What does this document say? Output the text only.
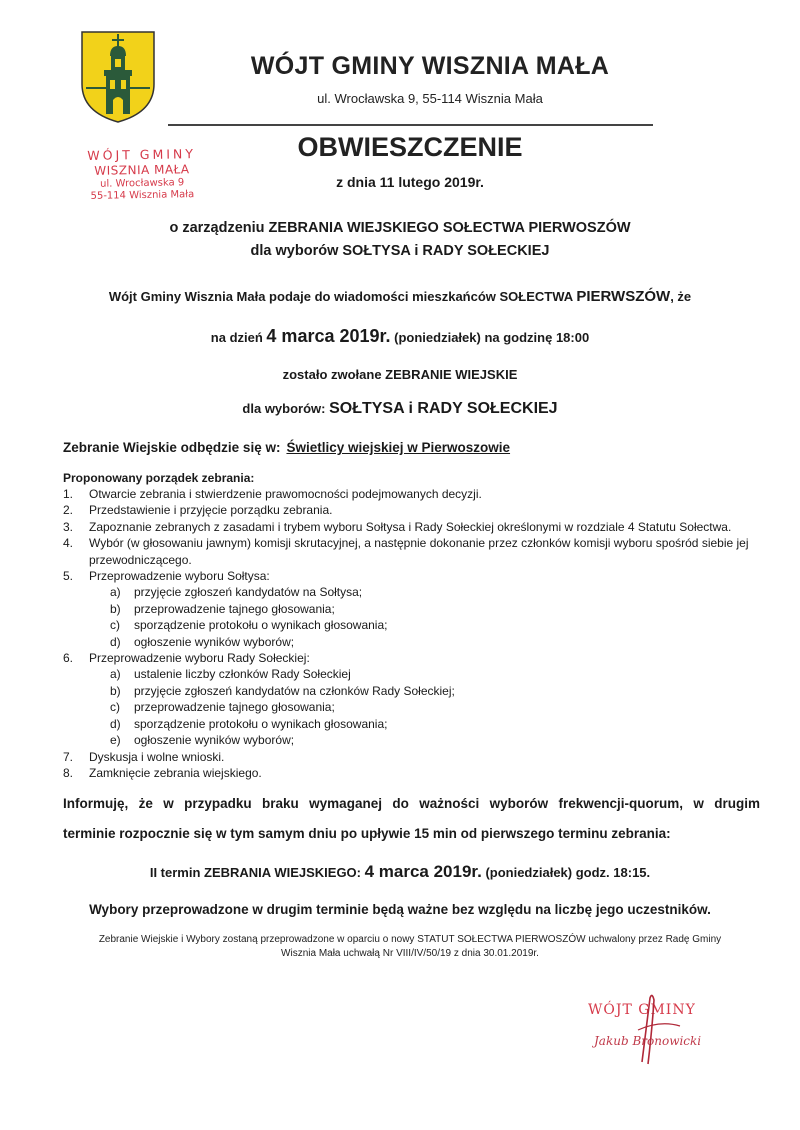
WÓJT GMINY WISZNIA MAŁA
ul. Wrocławska 9, 55-114 Wisznia Mała
WÓJT GMINY
WISZNIA MAŁA
ul. Wrocławska 9
55-114 Wisznia Mała
OBWIESZCZENIE
z dnia 11 lutego 2019r.
o zarządzeniu ZEBRANIA WIEJSKIEGO SOŁECTWA PIERWOSZÓW
dla wyborów SOŁTYSA i RADY SOŁECKIEJ
Wójt Gminy Wisznia Mała podaje do wiadomości mieszkańców SOŁECTWA PIERWSZÓW, że
na dzień 4 marca 2019r. (poniedziałek) na godzinę 18:00
zostało zwołane ZEBRANIE WIEJSKIE
dla wyborów: SOŁTYSA i RADY SOŁECKIEJ
Zebranie Wiejskie odbędzie się w: Świetlicy wiejskiej w Pierwoszowie
Proponowany porządek zebrania:
1. Otwarcie zebrania i stwierdzenie prawomocności podejmowanych decyzji.
2. Przedstawienie i przyjęcie porządku zebrania.
3. Zapoznanie zebranych z zasadami i trybem wyboru Sołtysa i Rady Sołeckiej określonymi w rozdziale 4 Statutu Sołectwa.
4. Wybór (w głosowaniu jawnym) komisji skrutacyjnej, a następnie dokonanie przez członków komisji wyboru spośród siebie jej przewodniczącego.
5. Przeprowadzenie wyboru Sołtysa:
a) przyjęcie zgłoszeń kandydatów na Sołtysa;
b) przeprowadzenie tajnego głosowania;
c) sporządzenie protokołu o wynikach głosowania;
d) ogłoszenie wyników wyborów;
6. Przeprowadzenie wyboru Rady Sołeckiej:
a) ustalenie liczby członków Rady Sołeckiej
b) przyjęcie zgłoszeń kandydatów na członków Rady Sołeckiej;
c) przeprowadzenie tajnego głosowania;
d) sporządzenie protokołu o wynikach głosowania;
e) ogłoszenie wyników wyborów;
7. Dyskusja i wolne wnioski.
8. Zamknięcie zebrania wiejskiego.
Informuję, że w przypadku braku wymaganej do ważności wyborów frekwencji-quorum, w drugim
terminie rozpocznie się w tym samym dniu po upływie 15 min od pierwszego terminu zebrania:
II termin ZEBRANIA WIEJSKIEGO: 4 marca 2019r. (poniedziałek) godz. 18:15.
Wybory przeprowadzone w drugim terminie będą ważne bez względu na liczbę jego uczestników.
Zebranie Wiejskie i Wybory zostaną przeprowadzone w oparciu o nowy STATUT SOŁECTWA PIERWOSZÓW uchwalony przez Radę Gminy
Wisznia Mała uchwałą Nr VIII/IV/50/19 z dnia 30.01.2019r.
WÓJT GMINY
Jakub Bronowicki
